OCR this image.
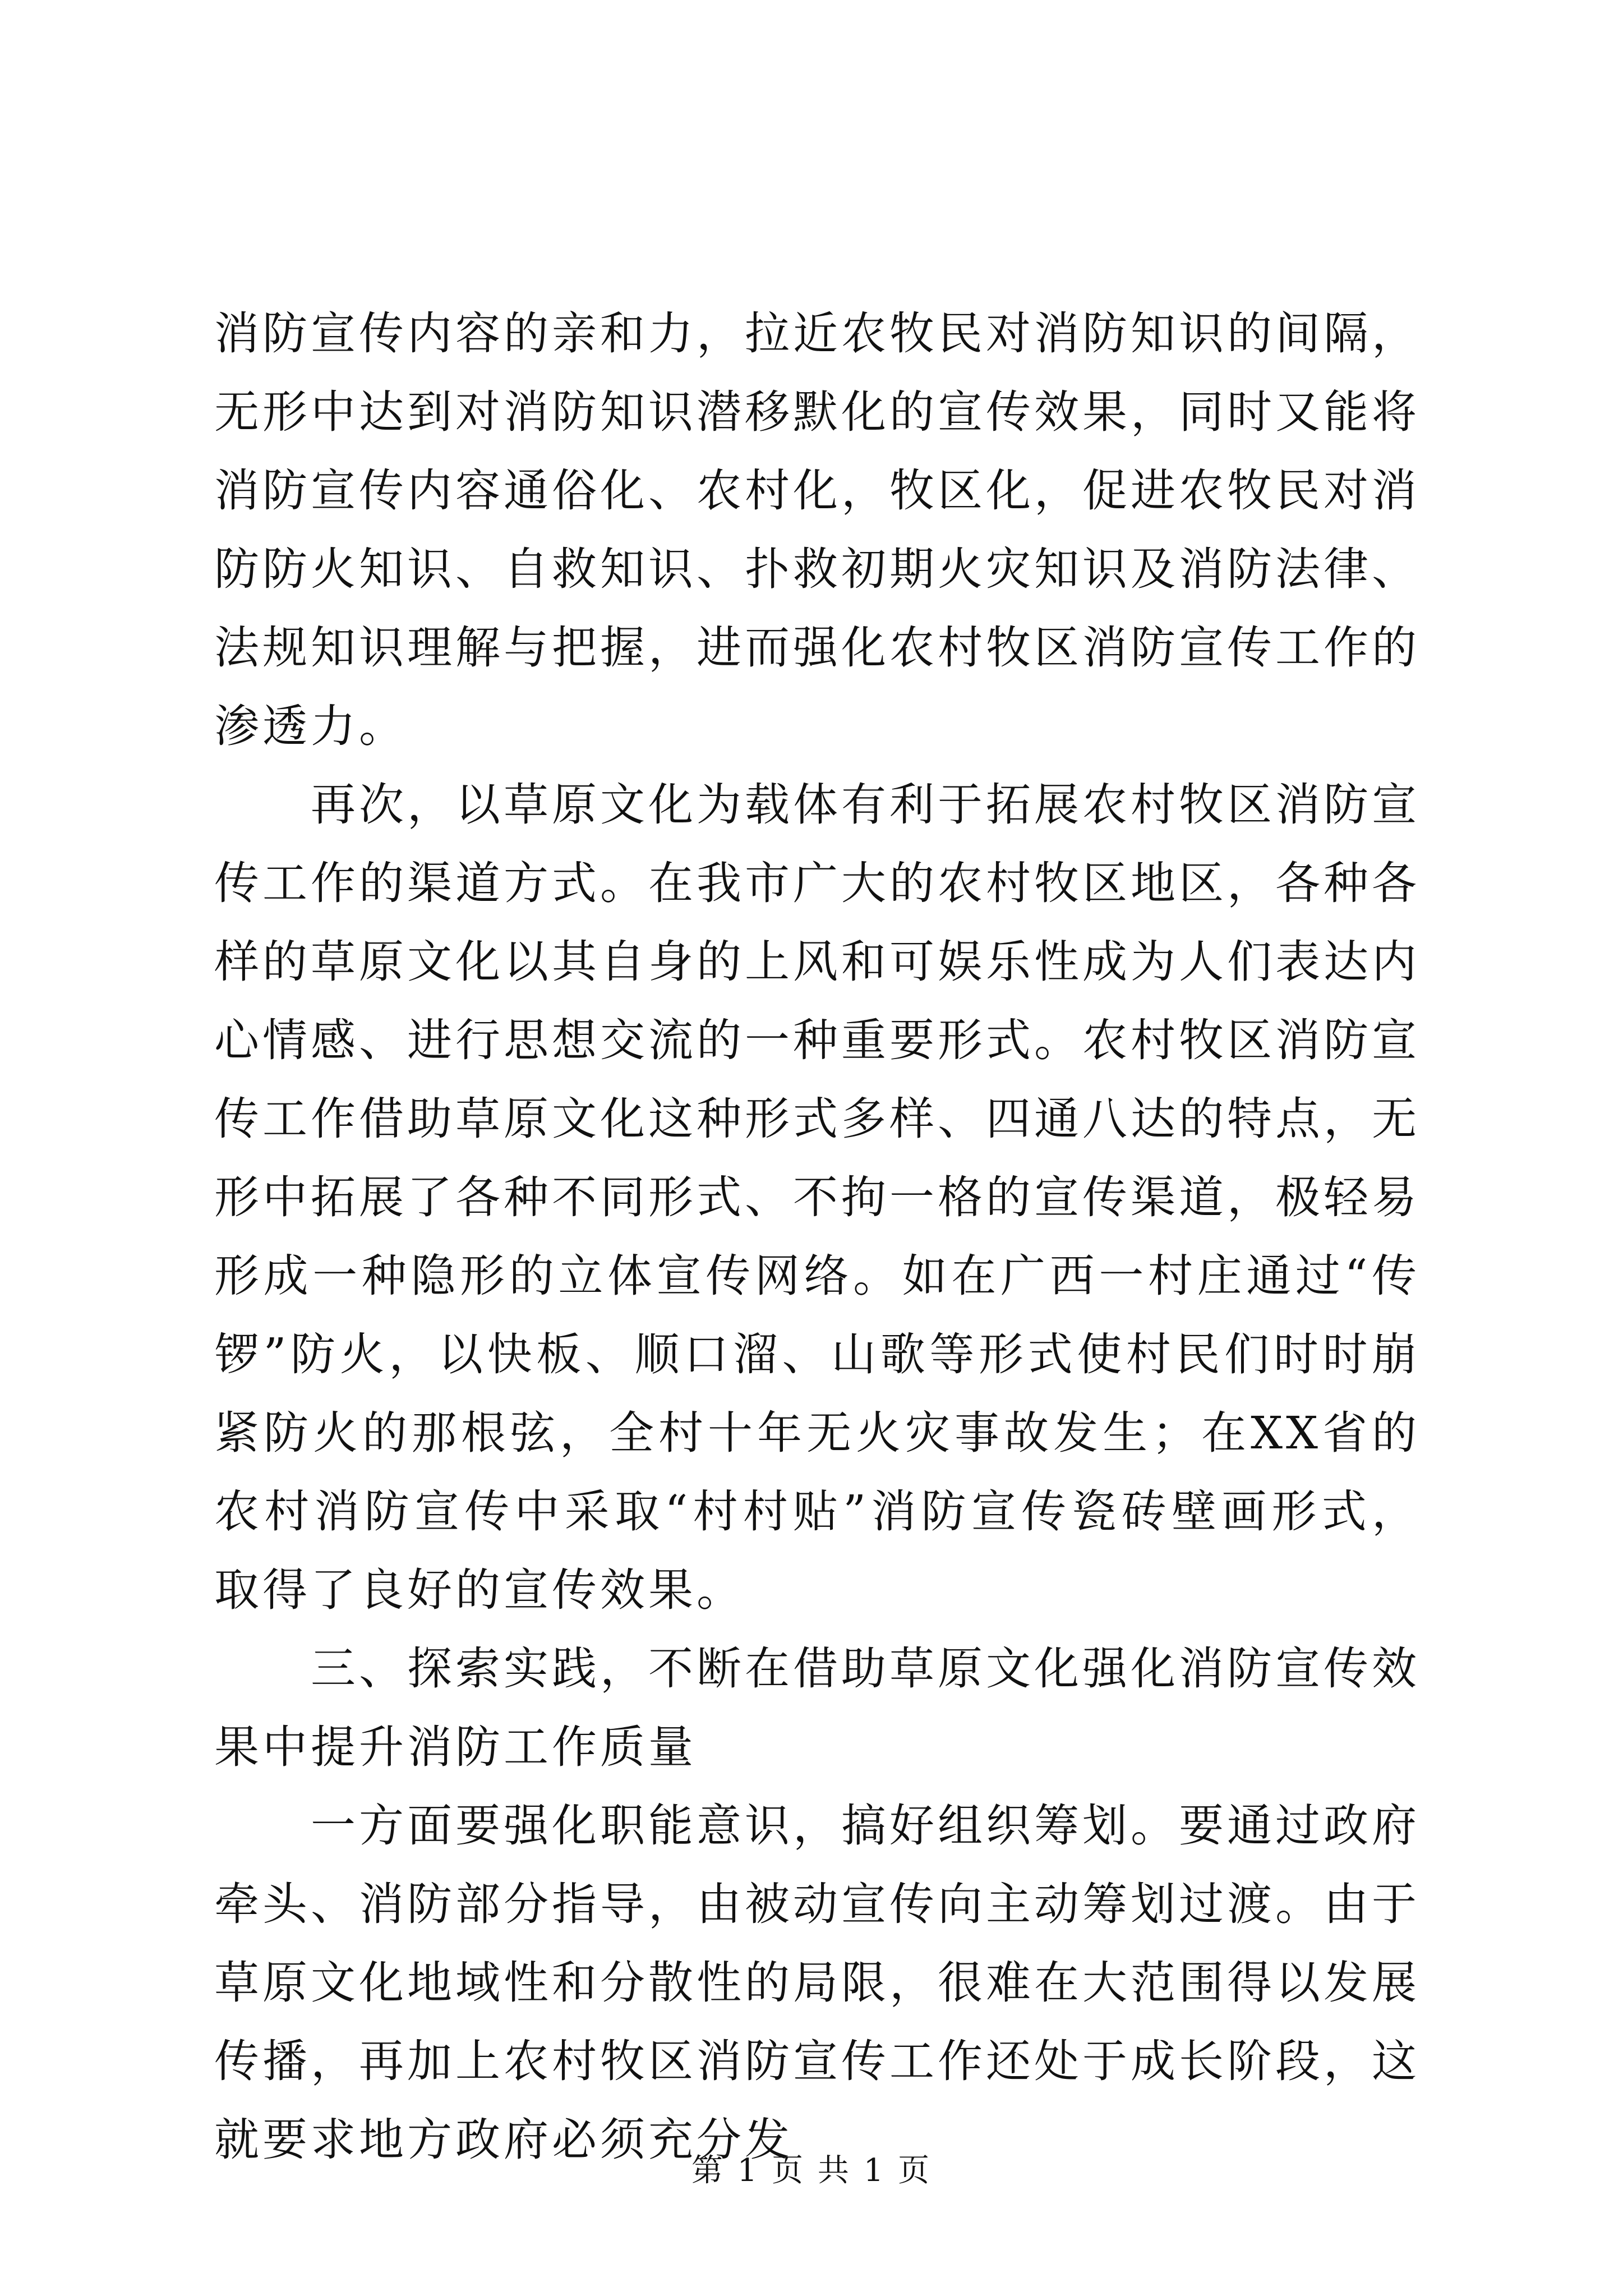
消防宣传内容的亲和力，拉近农牧民对消防知识的间隔，无形中达到对消防知识潜移默化的宣传效果，同时又能将消防宣传内容通俗化、农村化，牧区化，促进农牧民对消防防火知识、自救知识、扑救初期火灾知识及消防法律、法规知识理解与把握，进而强化农村牧区消防宣传工作的渗透力。

再次，以草原文化为载体有利于拓展农村牧区消防宣传工作的渠道方式。在我市广大的农村牧区地区，各种各样的草原文化以其自身的上风和可娱乐性成为人们表达内心情感、进行思想交流的一种重要形式。农村牧区消防宣传工作借助草原文化这种形式多样、四通八达的特点，无形中拓展了各种不同形式、不拘一格的宣传渠道，极轻易形成一种隐形的立体宣传网络。如在广西一村庄通过“传锣”防火，以快板、顺口溜、山歌等形式使村民们时时崩紧防火的那根弦，全村十年无火灾事故发生；在XX省的农村消防宣传中采取“村村贴”消防宣传瓷砖壁画形式，取得了良好的宣传效果。

三、探索实践，不断在借助草原文化强化消防宣传效果中提升消防工作质量

一方面要强化职能意识，搞好组织筹划。要通过政府牵头、消防部分指导，由被动宣传向主动筹划过渡。由于草原文化地域性和分散性的局限，很难在大范围得以发展传播，再加上农村牧区消防宣传工作还处于成长阶段，这就要求地方政府必须充分发

第 1 页 共 1 页
